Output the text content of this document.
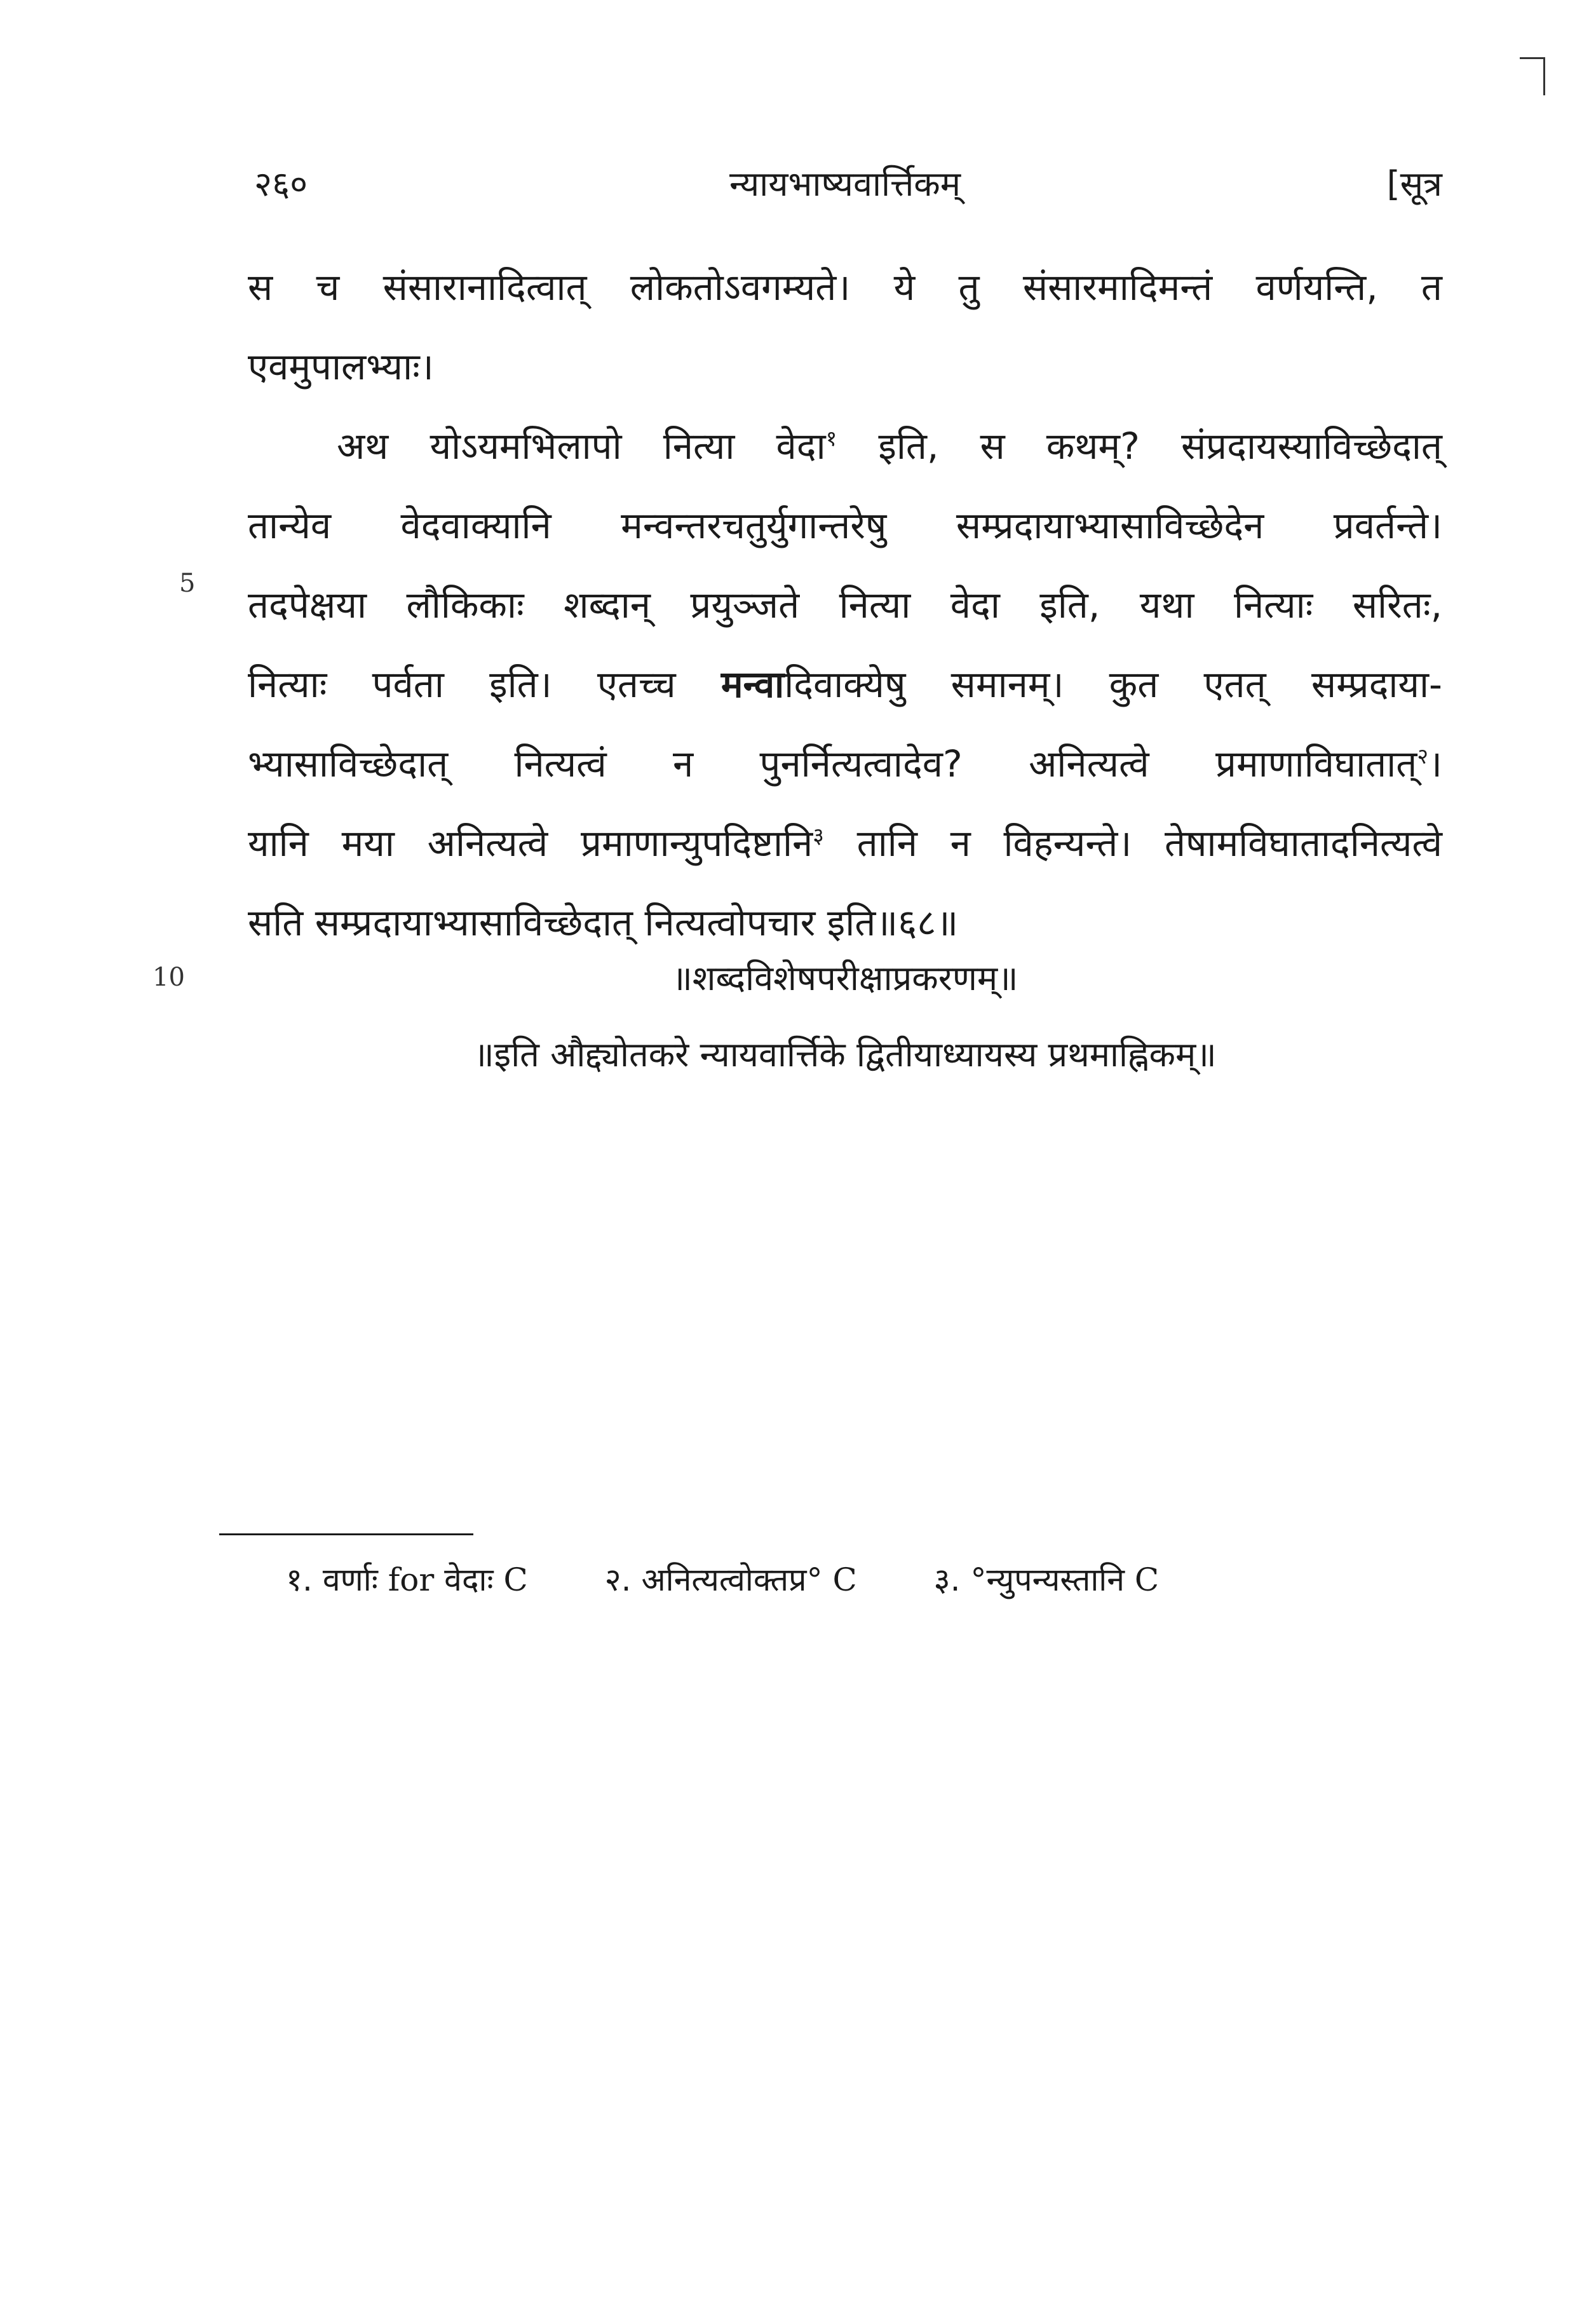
२६०	न्यायभाष्यवार्त्तिकम्	[सूत्र
स च संसारानादित्वात् लोकतोऽवगम्यते। ये तु संसारमादिमन्तं वर्णयन्ति, त
एवमुपालभ्याः।
अथ योऽयमभिलापो नित्या वेदा$^१$ इति, स कथम्? संप्रदायस्याविच्छेदात्
तान्येव वेदवाक्यानि मन्वन्तरचतुर्युगान्तरेषु सम्प्रदायाभ्यासाविच्छेदेन प्रवर्तन्ते।
तदपेक्षया लौकिकाः शब्दान् प्रयुञ्जते नित्या वेदा इति, यथा नित्याः सरितः,
नित्याः पर्वता इति। एतच्च मन्वादिवाक्येषु समानम्। कुत एतत् सम्प्रदाया-
भ्यासाविच्छेदात् नित्यत्वं न पुनर्नित्यत्वादेव? अनित्यत्वे प्रमाणाविघातात्$^२$।
यानि मया अनित्यत्वे प्रमाणान्युपदिष्टानि$^३$ तानि न विहन्यन्ते। तेषामविघातादनित्यत्वे
सति सम्प्रदायाभ्यासाविच्छेदात् नित्यत्वोपचार इति॥६८॥
5
10	॥शब्दविशेषपरीक्षाप्रकरणम्॥
॥इति औद्द्योतकरे न्यायवार्त्तिके द्वितीयाध्यायस्य प्रथमाह्निकम्॥
१. वर्णाः for वेदाः C २. अनित्यत्वोक्तप्र° C ३. °न्युपन्यस्तानि C
